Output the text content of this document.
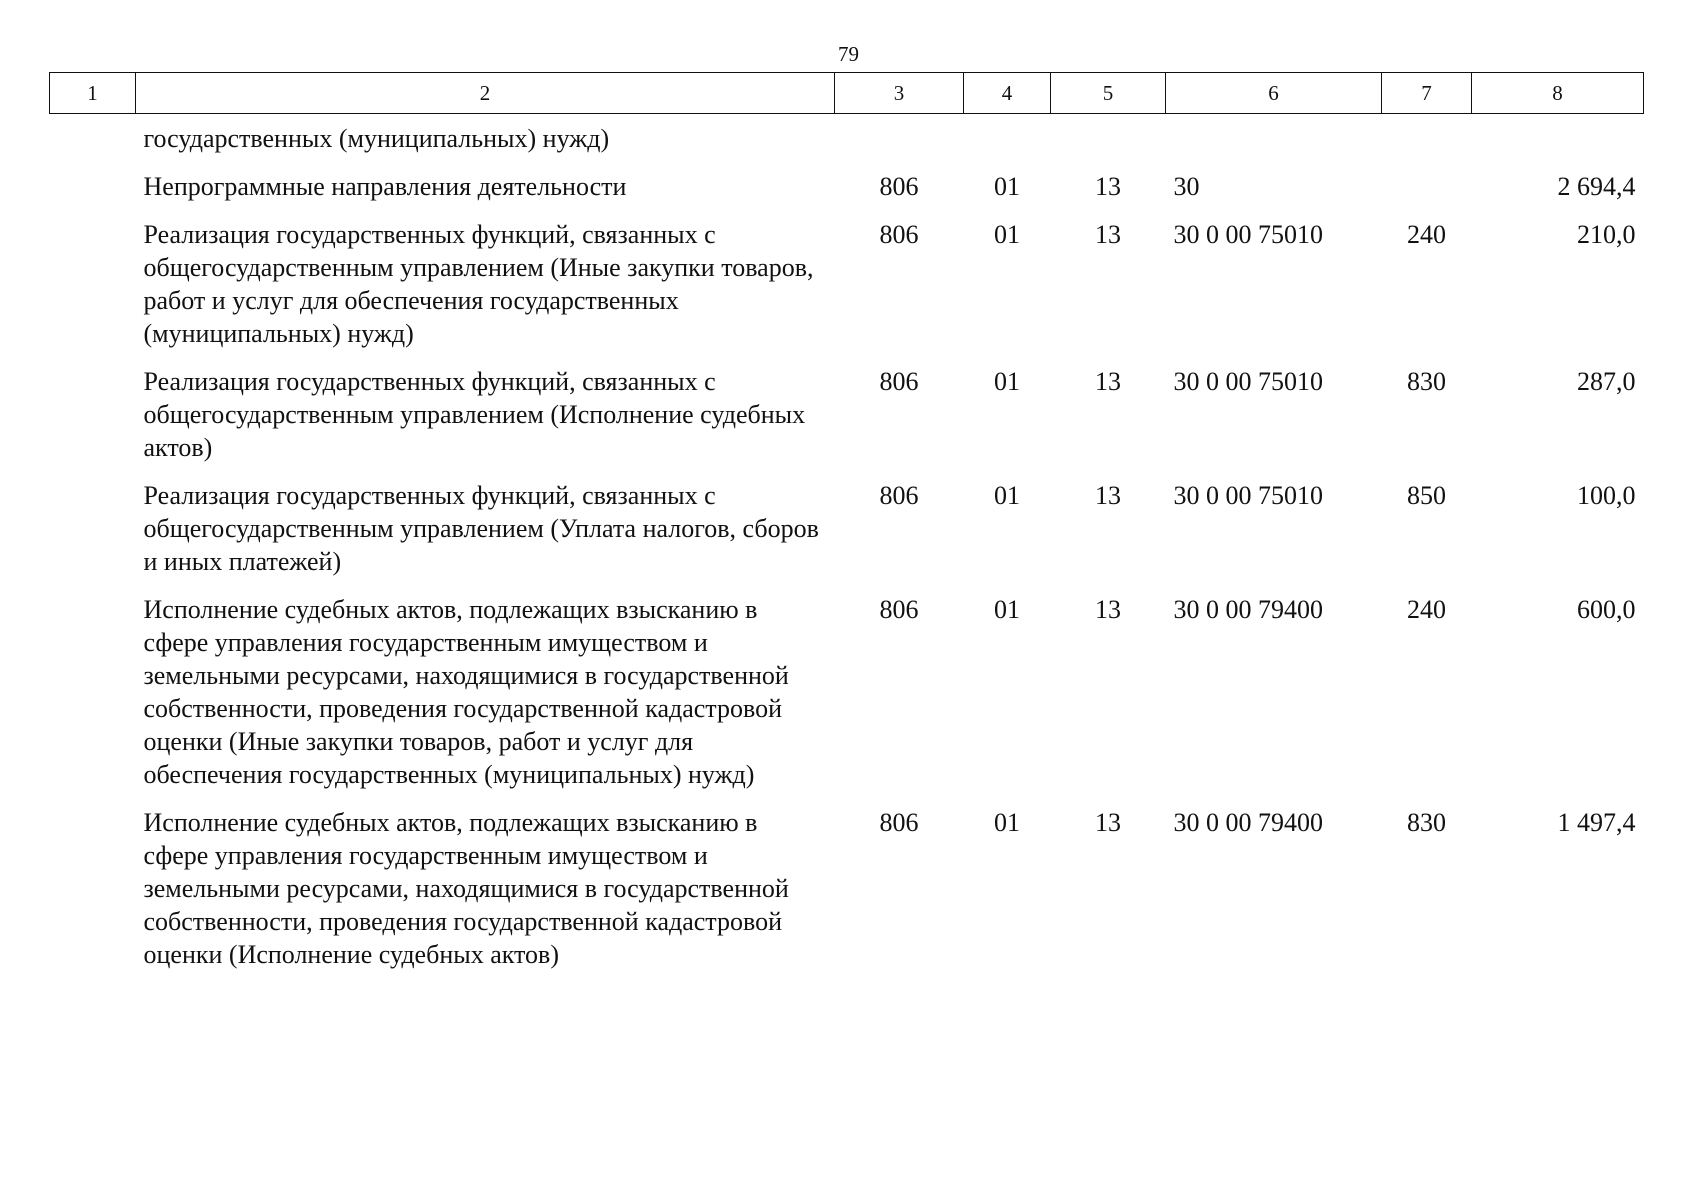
79
1	2	3	4	5	6	7	8
	государственных (муниципальных) нужд)						
	Непрограммные направления деятельности	806	01	13	30		2 694,4
	Реализация государственных функций, связанных с общегосударственным управлением (Иные закупки товаров, работ и услуг для обеспечения государственных (муниципальных) нужд)	806	01	13	30 0 00 75010	240	210,0
	Реализация государственных функций, связанных с общегосударственным управлением (Исполнение судебных актов)	806	01	13	30 0 00 75010	830	287,0
	Реализация государственных функций, связанных с общегосударственным управлением (Уплата налогов, сборов и иных платежей)	806	01	13	30 0 00 75010	850	100,0
	Исполнение судебных актов, подлежащих взысканию в сфере управления государственным имуществом и земельными ресурсами, находящимися в государственной собственности, проведения государственной кадастровой оценки (Иные закупки товаров, работ и услуг для обеспечения государственных (муниципальных) нужд)	806	01	13	30 0 00 79400	240	600,0
	Исполнение судебных актов, подлежащих взысканию в сфере управления государственным имуществом и земельными ресурсами, находящимися в государственной собственности, проведения государственной кадастровой оценки (Исполнение судебных актов)	806	01	13	30 0 00 79400	830	1 497,4
